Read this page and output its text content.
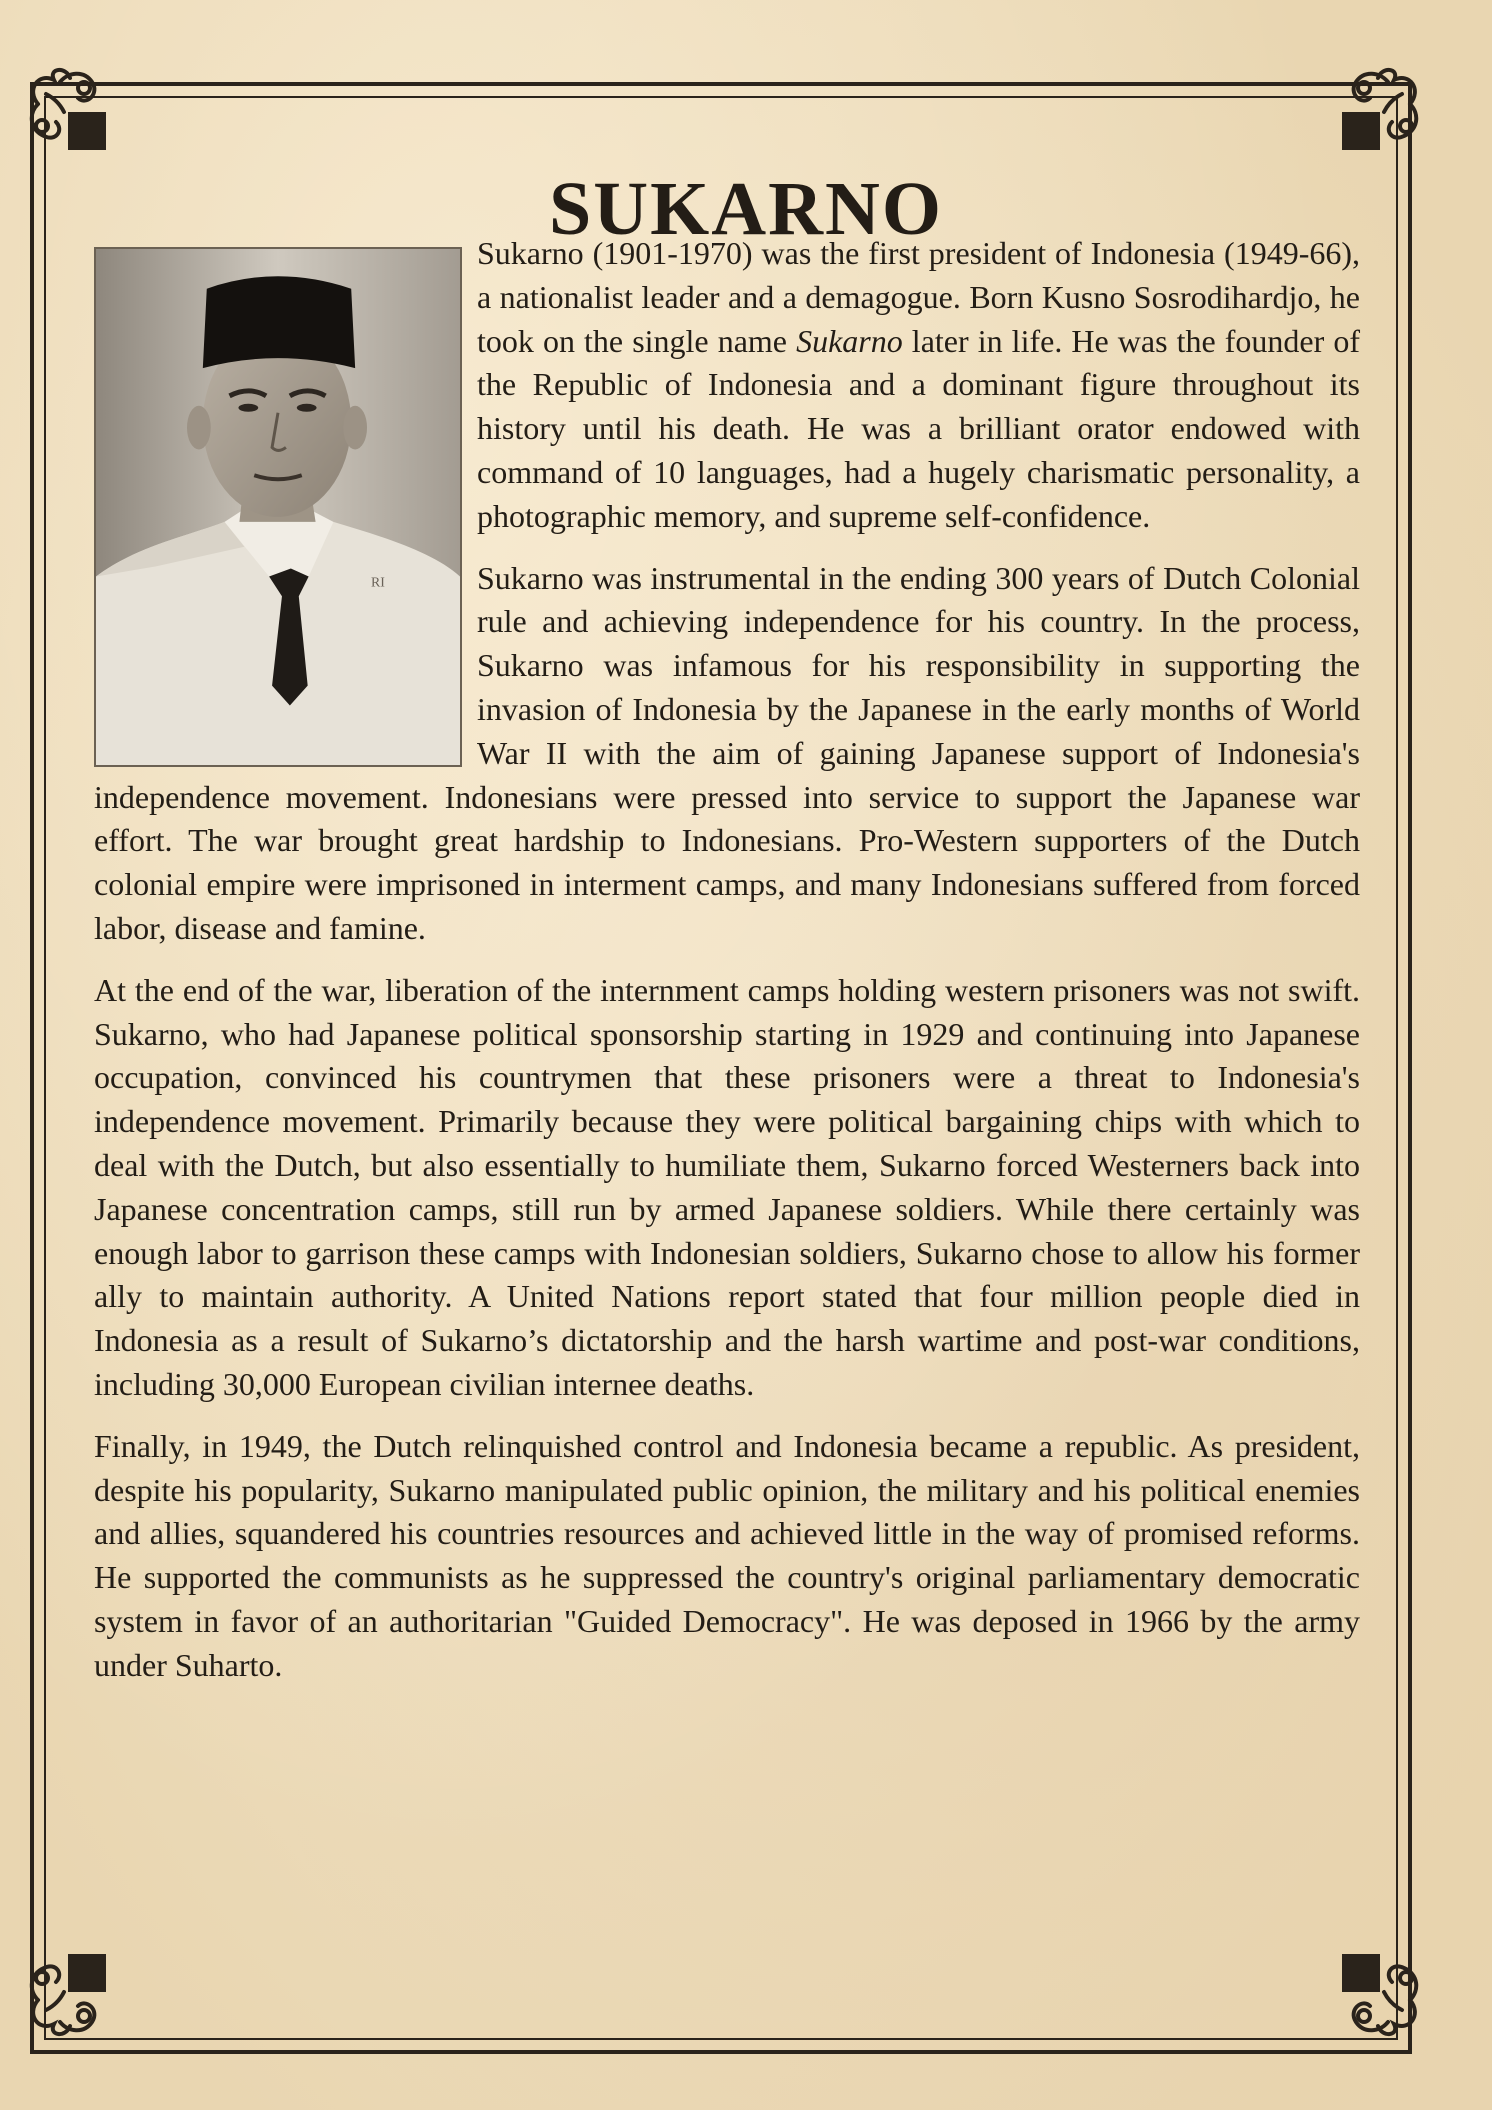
SUKARNO
RI

Sukarno (1901-1970) was the first president of Indonesia (1949-66), a nationalist leader and a demagogue. Born Kusno Sosrodihardjo, he took on the single name Sukarno later in life. He was the founder of the Republic of Indonesia and a dominant figure throughout its history until his death. He was a brilliant orator endowed with command of 10 languages, had a hugely charismatic personality, a photographic memory, and supreme self-confidence.

Sukarno was instrumental in the ending 300 years of Dutch Colonial rule and achieving independence for his country. In the process, Sukarno was infamous for his responsibility in supporting the invasion of Indonesia by the Japanese in the early months of World War II with the aim of gaining Japanese support of Indonesia's independence movement. Indonesians were pressed into service to support the Japanese war effort. The war brought great hardship to Indonesians. Pro-Western supporters of the Dutch colonial empire were imprisoned in interment camps, and many Indonesians suffered from forced labor, disease and famine.

At the end of the war, liberation of the internment camps holding western prisoners was not swift. Sukarno, who had Japanese political sponsorship starting in 1929 and continuing into Japanese occupation, convinced his countrymen that these prisoners were a threat to Indonesia's independence movement. Primarily because they were political bargaining chips with which to deal with the Dutch, but also essentially to humiliate them, Sukarno forced Westerners back into Japanese concentration camps, still run by armed Japanese soldiers. While there certainly was enough labor to garrison these camps with Indonesian soldiers, Sukarno chose to allow his former ally to maintain authority. A United Nations report stated that four million people died in Indonesia as a result of Sukarno’s dictatorship and the harsh wartime and post-war conditions, including 30,000 European civilian internee deaths.

Finally, in 1949, the Dutch relinquished control and Indonesia became a republic. As president, despite his popularity, Sukarno manipulated public opinion, the military and his political enemies and allies, squandered his countries resources and achieved little in the way of promised reforms. He supported the communists as he suppressed the country's original parliamentary democratic system in favor of an authoritarian "Guided Democracy". He was deposed in 1966 by the army under Suharto.
